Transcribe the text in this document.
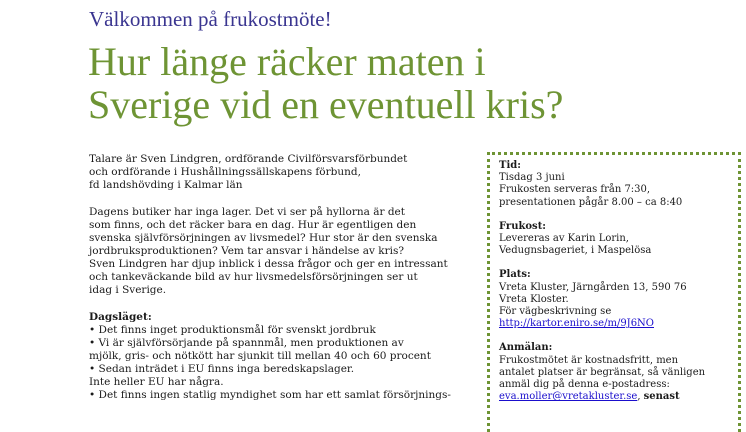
Välkommen på frukostmöte!
Hur länge räcker maten i
Sverige vid en eventuell kris?

Talare är Sven Lindgren, ordförande Civilförsvarsförbundet
och ordförande i Hushållningssällskapens förbund,
fd landshövding i Kalmar län

Dagens butiker har inga lager. Det vi ser på hyllorna är det
som finns, och det räcker bara en dag. Hur är egentligen den
svenska självförsörjningen av livsmedel? Hur stor är den svenska
jordbruksproduktionen? Vem tar ansvar i händelse av kris?
Sven Lindgren har djup inblick i dessa frågor och ger en intressant
och tankeväckande bild av hur livsmedelsförsörjningen ser ut
idag i Sverige.

Dagsläget:
• Det finns inget produktionsmål för svenskt jordbruk
• Vi är självförsörjande på spannmål, men produktionen av
mjölk, gris- och nötkött har sjunkit till mellan 40 och 60 procent
• Sedan inträdet i EU finns inga beredskapslager.
Inte heller EU har några.
• Det finns ingen statlig myndighet som har ett samlat försörjnings-
Tid:
Tisdag 3 juni
Frukosten serveras från 7:30,
presentationen pågår 8.00 – ca 8:40
Frukost:
Levereras av Karin Lorin,
Vedugnsbageriet, i Maspelösa
Plats:
Vreta Kluster, Järngården 13, 590 76
Vreta Kloster.
För vägbeskrivning se
http://kartor.eniro.se/m/9J6NO
Anmälan:
Frukostmötet är kostnadsfritt, men
antalet platser är begränsat, så vänligen
anmäl dig på denna e-postadress:
eva.moller@vretakluster.se, senast
